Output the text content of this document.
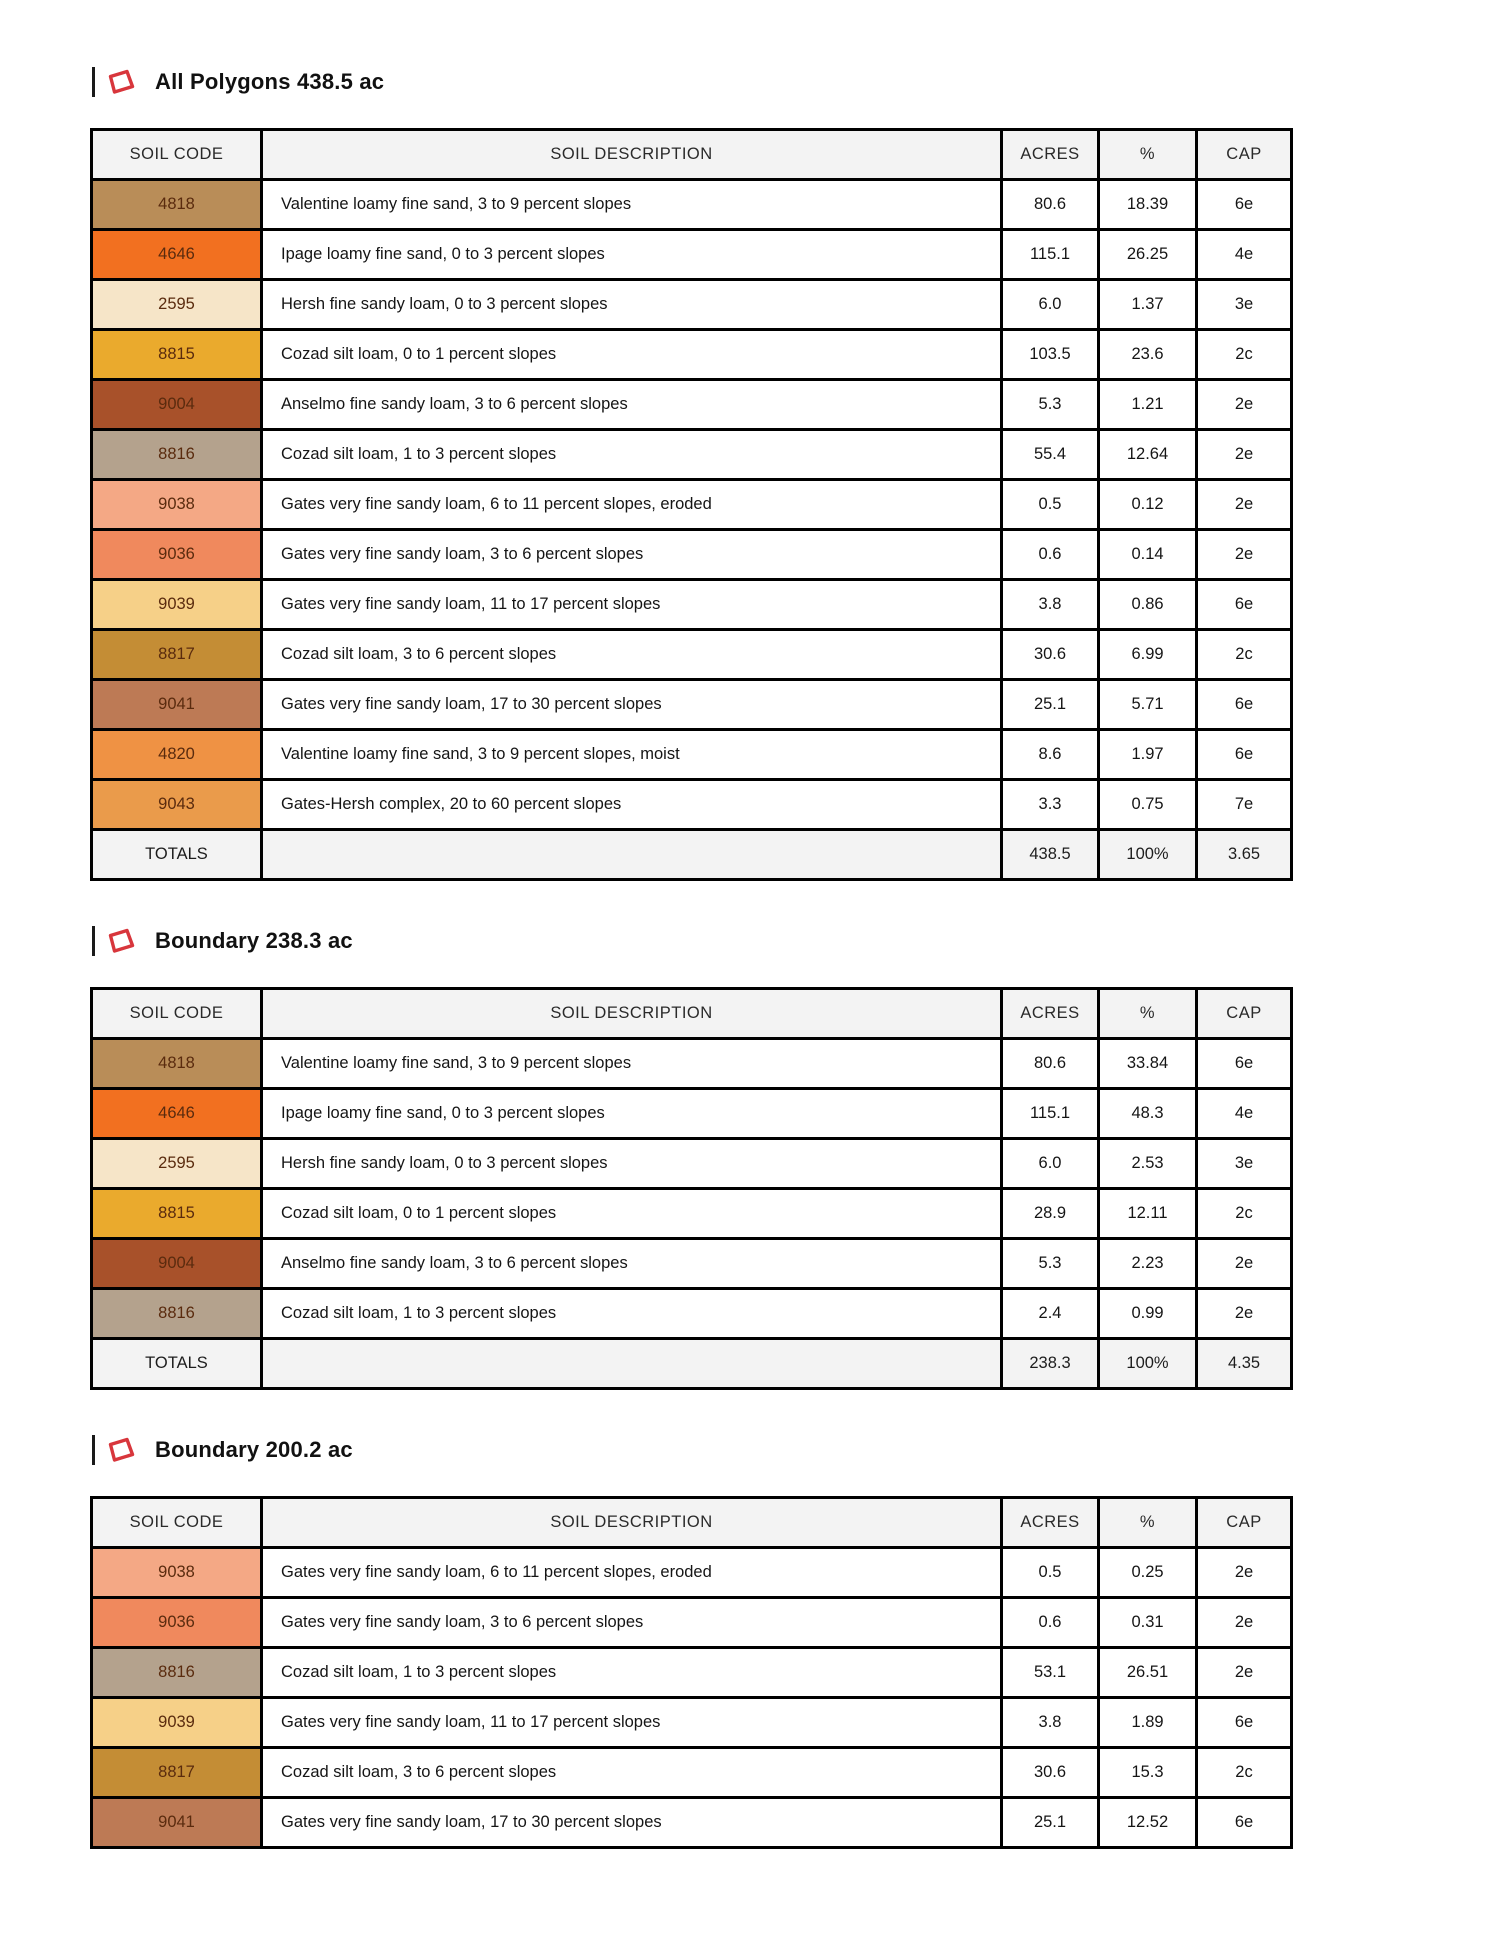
All Polygons 438.5 ac
SOIL CODE	SOIL DESCRIPTION	ACRES	%	CAP
4818	Valentine loamy fine sand, 3 to 9 percent slopes	80.6	18.39	6e
4646	Ipage loamy fine sand, 0 to 3 percent slopes	115.1	26.25	4e
2595	Hersh fine sandy loam, 0 to 3 percent slopes	6.0	1.37	3e
8815	Cozad silt loam, 0 to 1 percent slopes	103.5	23.6	2c
9004	Anselmo fine sandy loam, 3 to 6 percent slopes	5.3	1.21	2e
8816	Cozad silt loam, 1 to 3 percent slopes	55.4	12.64	2e
9038	Gates very fine sandy loam, 6 to 11 percent slopes, eroded	0.5	0.12	2e
9036	Gates very fine sandy loam, 3 to 6 percent slopes	0.6	0.14	2e
9039	Gates very fine sandy loam, 11 to 17 percent slopes	3.8	0.86	6e
8817	Cozad silt loam, 3 to 6 percent slopes	30.6	6.99	2c
9041	Gates very fine sandy loam, 17 to 30 percent slopes	25.1	5.71	6e
4820	Valentine loamy fine sand, 3 to 9 percent slopes, moist	8.6	1.97	6e
9043	Gates-Hersh complex, 20 to 60 percent slopes	3.3	0.75	7e
TOTALS		438.5	100%	3.65
Boundary 238.3 ac
SOIL CODE	SOIL DESCRIPTION	ACRES	%	CAP
4818	Valentine loamy fine sand, 3 to 9 percent slopes	80.6	33.84	6e
4646	Ipage loamy fine sand, 0 to 3 percent slopes	115.1	48.3	4e
2595	Hersh fine sandy loam, 0 to 3 percent slopes	6.0	2.53	3e
8815	Cozad silt loam, 0 to 1 percent slopes	28.9	12.11	2c
9004	Anselmo fine sandy loam, 3 to 6 percent slopes	5.3	2.23	2e
8816	Cozad silt loam, 1 to 3 percent slopes	2.4	0.99	2e
TOTALS		238.3	100%	4.35
Boundary 200.2 ac
SOIL CODE	SOIL DESCRIPTION	ACRES	%	CAP
9038	Gates very fine sandy loam, 6 to 11 percent slopes, eroded	0.5	0.25	2e
9036	Gates very fine sandy loam, 3 to 6 percent slopes	0.6	0.31	2e
8816	Cozad silt loam, 1 to 3 percent slopes	53.1	26.51	2e
9039	Gates very fine sandy loam, 11 to 17 percent slopes	3.8	1.89	6e
8817	Cozad silt loam, 3 to 6 percent slopes	30.6	15.3	2c
9041	Gates very fine sandy loam, 17 to 30 percent slopes	25.1	12.52	6e
